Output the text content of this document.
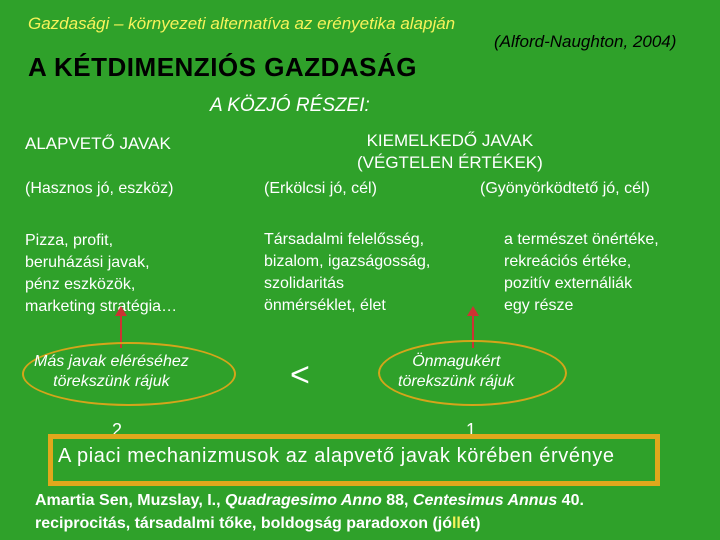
Gazdasági – környezeti alternatíva az erényetika alapján
(Alford-Naughton, 2004)
A KÉTDIMENZIÓS GAZDASÁG
A KÖZJÓ RÉSZEI:
ALAPVETŐ JAVAK
(Hasznos jó, eszköz)
Pizza, profit,
beruházási javak,
pénz eszközök,
marketing stratégia…
Más javak eléréséhez
törekszünk rájuk
2.
KIEMELKEDŐ JAVAK
(VÉGTELEN ÉRTÉKEK)
(Erkölcsi jó, cél)	(Gyönyörködtető jó, cél)
Társadalmi felelősség,
bizalom, igazságosság,
szolidaritás
önmérséklet, élet
a természet önértéke,
rekreációs értéke,
pozitív externáliák
egy része
<	Önmagukért
törekszünk rájuk
1.
A piaci mechanizmusok az alapvető javak körében érvénye
Amartia Sen, Muzslay, I., Quadragesimo Anno 88, Centesimus Annus 40.
reciprocitás, társadalmi tőke, boldogság paradoxon (jóllét)
